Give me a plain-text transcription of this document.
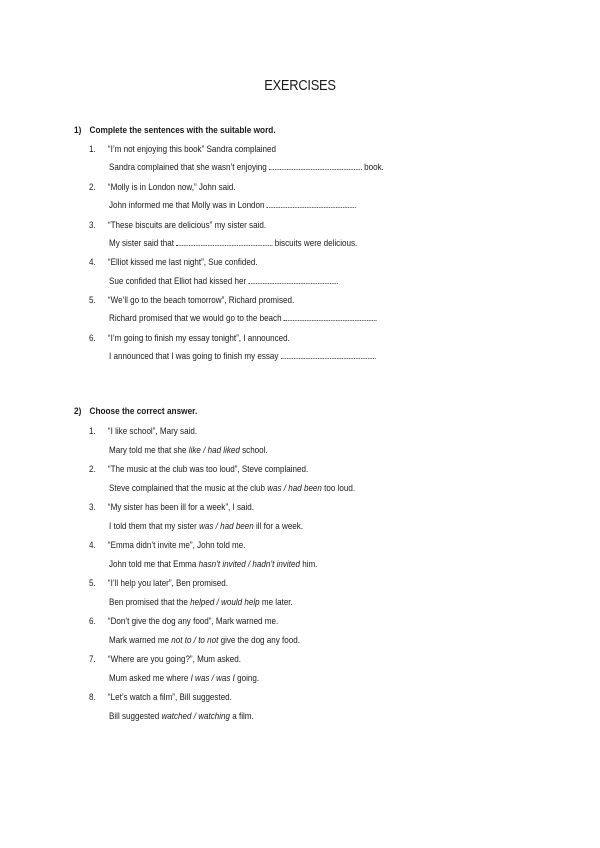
EXERCISES
1) Complete the sentences with the suitable word.
1. “I’m not enjoying this book” Sandra complained
Sandra complained that she wasn’t enjoying	book.
2. “Molly is in London now,” John said.
John informed me that Molly was in London
3. “These biscuits are delicious” my sister said.
My sister said that	biscuits were delicious.
4. “Elliot kissed me last night”, Sue confided.
Sue confided that Elliot had kissed her
5. “We’ll go to the beach tomorrow”, Richard promised.
Richard promised that we would go to the beach
6. “I’m going to finish my essay tonight”, I announced.
I announced that I was going to finish my essay
2) Choose the correct answer.
1. “I like school”, Mary said.
Mary told me that she like / had liked school.
2. “The music at the club was too loud”, Steve complained.
Steve complained that the music at the club was / had been too loud.
3. “My sister has been ill for a week”, I said.
I told them that my sister was / had been ill for a week.
4. “Emma didn’t invite me”, John told me.
John told me that Emma hasn’t invited / hadn’t invited him.
5. “I’ll help you later”, Ben promised.
Ben promised that the helped / would help me later.
6. “Don’t give the dog any food”, Mark warned me.
Mark warned me not to / to not give the dog any food.
7. “Where are you going?”, Mum asked.
Mum asked me where I was / was I going.
8. “Let’s watch a film”, Bill suggested.
Bill suggested watched / watching a film.
